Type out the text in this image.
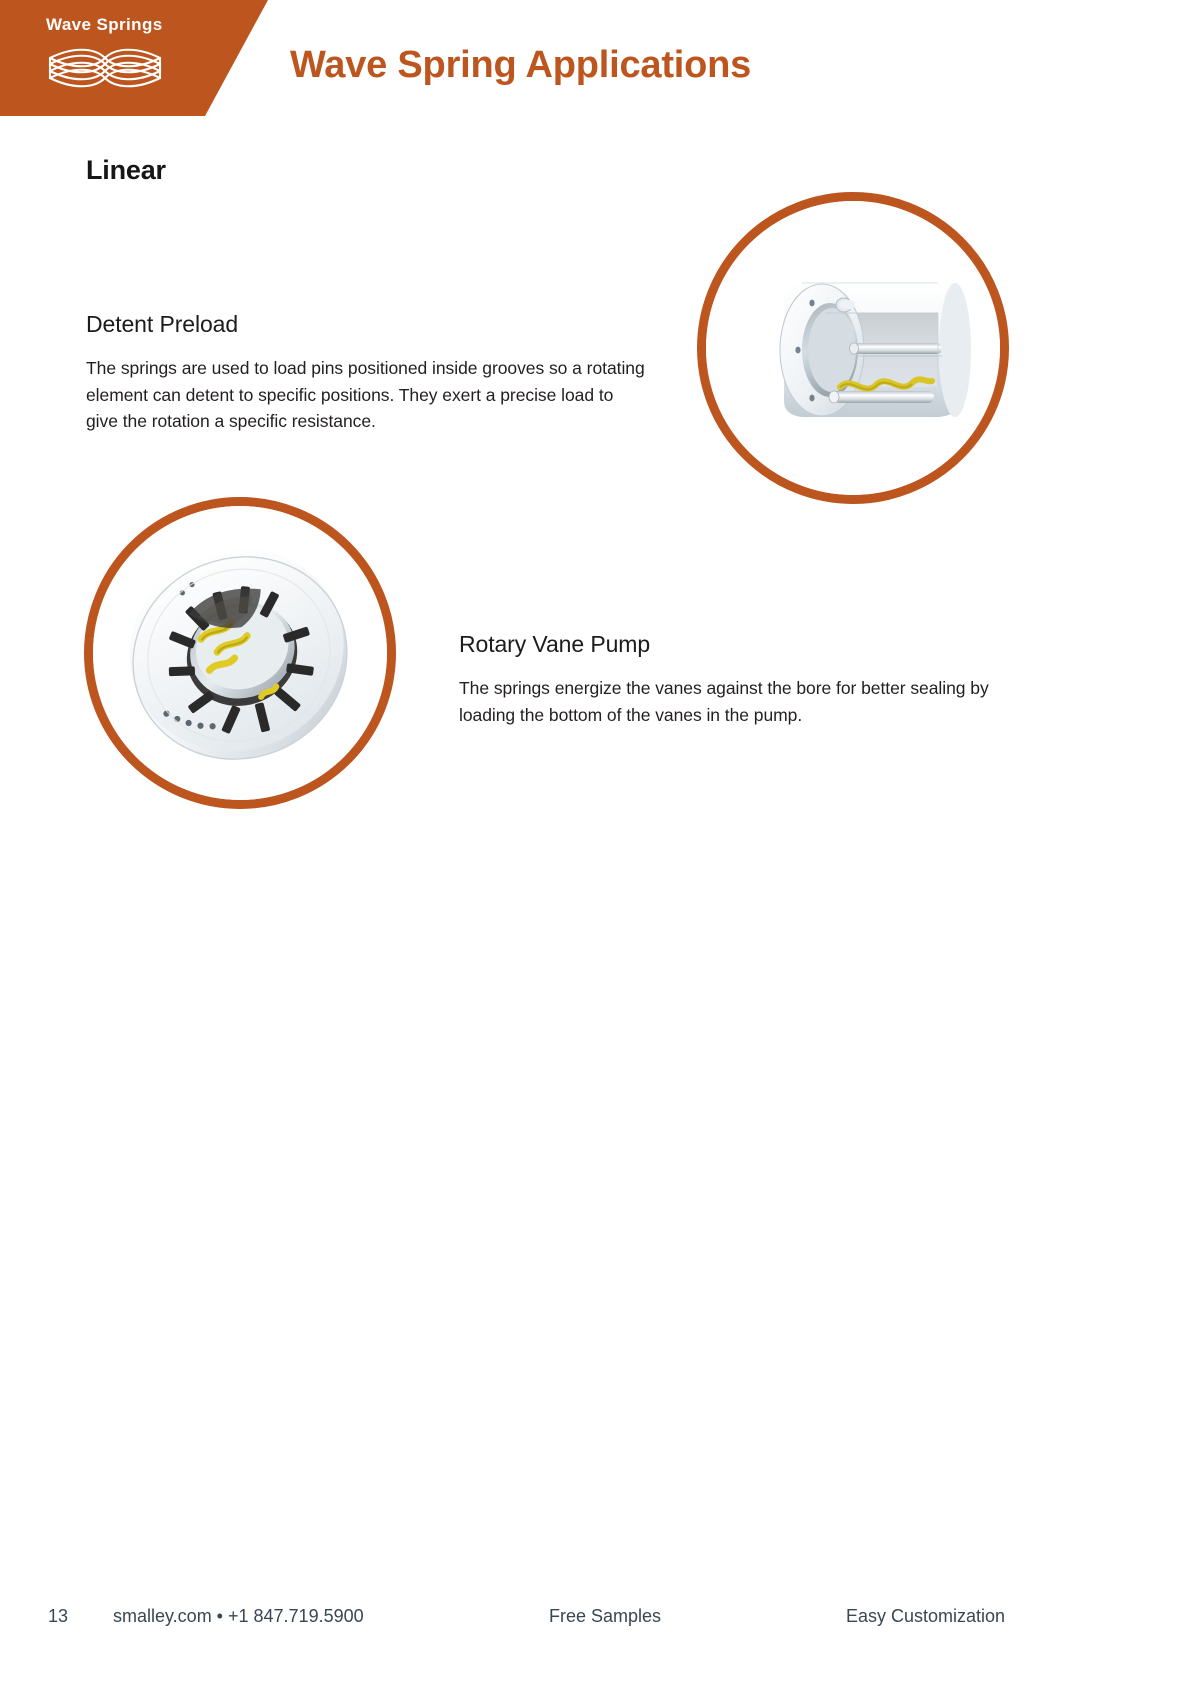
Wave Springs
Wave Spring Applications
Linear
Detent Preload

The springs are used to load pins positioned inside grooves so a rotating element can detent to specific positions. They exert a precise load to give the rotation a specific resistance.

Rotary Vane Pump

The springs energize the vanes against the bore for better sealing by loading the bottom of the vanes in the pump.

13 smalley.com • +1 847.719.5900	Free Samples	Easy Customization
